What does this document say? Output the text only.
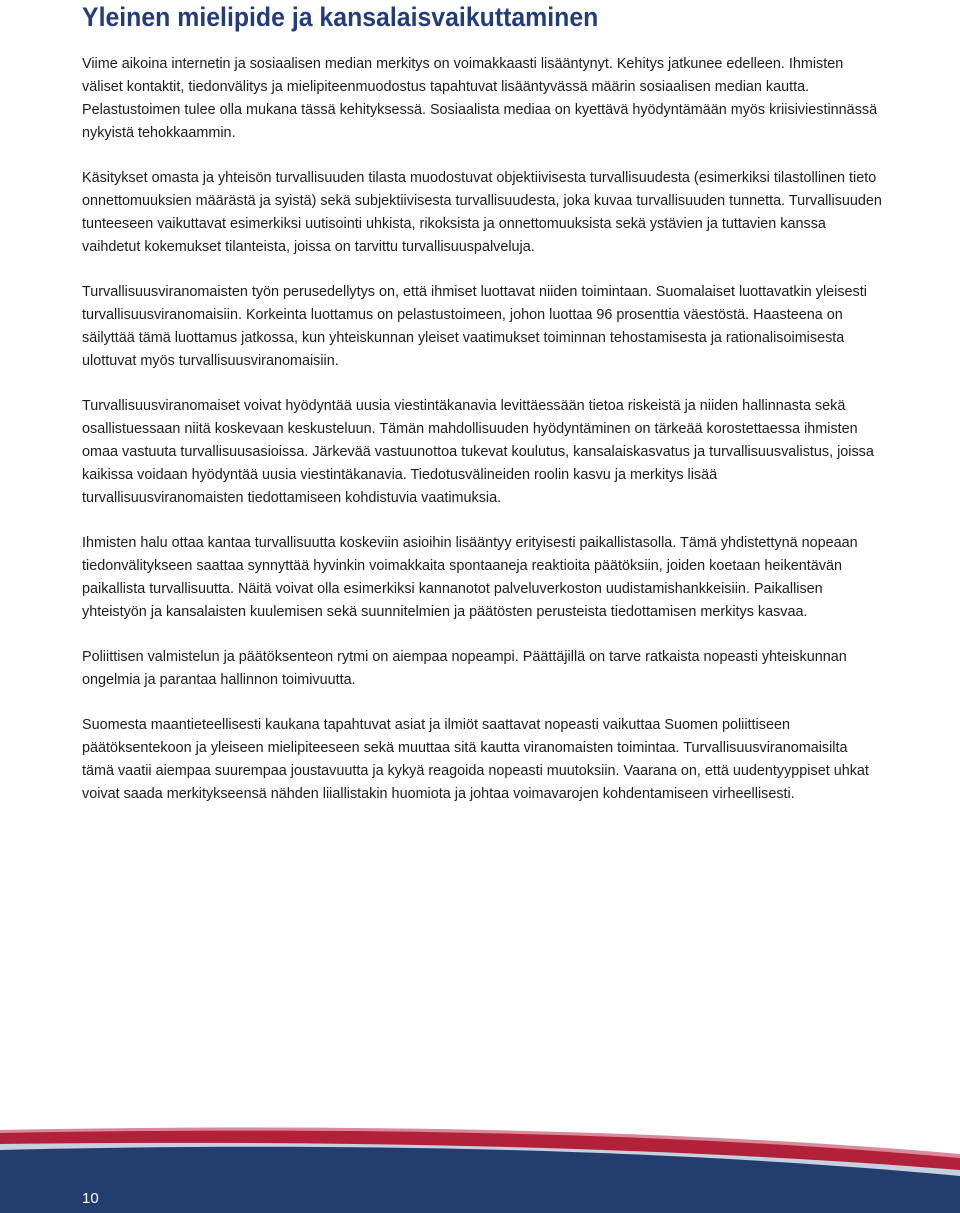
Yleinen mielipide ja kansalaisvaikuttaminen

Viime aikoina internetin ja sosiaalisen median merkitys on voimakkaasti lisääntynyt. Kehitys jatkunee edelleen. Ihmisten väliset kontaktit, tiedonvälitys ja mielipiteenmuodostus tapahtuvat lisääntyvässä määrin sosiaalisen median kautta. Pelastustoimen tulee olla mukana tässä kehityksessä. Sosiaalista mediaa on kyettävä hyödyntämään myös kriisiviestinnässä nykyistä tehokkaammin.

Käsitykset omasta ja yhteisön turvallisuuden tilasta muodostuvat objektiivisesta turvallisuudesta (esimerkiksi tilastollinen tieto onnettomuuksien määrästä ja syistä) sekä subjektiivisesta turvallisuudesta, joka kuvaa turvallisuuden tunnetta. Turvallisuuden tunteeseen vaikuttavat esimerkiksi uutisointi uhkista, rikoksista ja onnettomuuksista sekä ystävien ja tuttavien kanssa vaihdetut kokemukset tilanteista, joissa on tarvittu turvallisuuspalveluja.

Turvallisuusviranomaisten työn perusedellytys on, että ihmiset luottavat niiden toimintaan. Suomalaiset luottavatkin yleisesti turvallisuusviranomaisiin. Korkeinta luottamus on pelastustoimeen, johon luottaa 96 prosenttia väestöstä. Haasteena on säilyttää tämä luottamus jatkossa, kun yhteiskunnan yleiset vaatimukset toiminnan tehostamisesta ja rationalisoimisesta ulottuvat myös turvallisuusviranomaisiin.

Turvallisuusviranomaiset voivat hyödyntää uusia viestintäkanavia levittäessään tietoa riskeistä ja niiden hallinnasta sekä osallistuessaan niitä koskevaan keskusteluun. Tämän mahdollisuuden hyödyntäminen on tärkeää korostettaessa ihmisten omaa vastuuta turvallisuusasioissa. Järkevää vastuunottoa tukevat koulutus, kansalaiskasvatus ja turvallisuusvalistus, joissa kaikissa voidaan hyödyntää uusia viestintäkanavia. Tiedotusvälineiden roolin kasvu ja merkitys lisää turvallisuusviranomaisten tiedottamiseen kohdistuvia vaatimuksia.

Ihmisten halu ottaa kantaa turvallisuutta koskeviin asioihin lisääntyy erityisesti paikallistasolla. Tämä yhdistettynä nopeaan tiedonvälitykseen saattaa synnyttää hyvinkin voimakkaita spontaaneja reaktioita päätöksiin, joiden koetaan heikentävän paikallista turvallisuutta. Näitä voivat olla esimerkiksi kannanotot palveluverkoston uudistamishankkeisiin. Paikallisen yhteistyön ja kansalaisten kuulemisen sekä suunnitelmien ja päätösten perusteista tiedottamisen merkitys kasvaa.

Poliittisen valmistelun ja päätöksenteon rytmi on aiempaa nopeampi. Päättäjillä on tarve ratkaista nopeasti yhteiskunnan ongelmia ja parantaa hallinnon toimivuutta.

Suomesta maantieteellisesti kaukana tapahtuvat asiat ja ilmiöt saattavat nopeasti vaikuttaa Suomen poliittiseen päätöksentekoon ja yleiseen mielipiteeseen sekä muuttaa sitä kautta viranomaisten toimintaa. Turvallisuusviranomaisilta tämä vaatii aiempaa suurempaa joustavuutta ja kykyä reagoida nopeasti muutoksiin. Vaarana on, että uudentyyppiset uhkat voivat saada merkitykseensä nähden liiallistakin huomiota ja johtaa voimavarojen kohdentamiseen virheellisesti.

10
